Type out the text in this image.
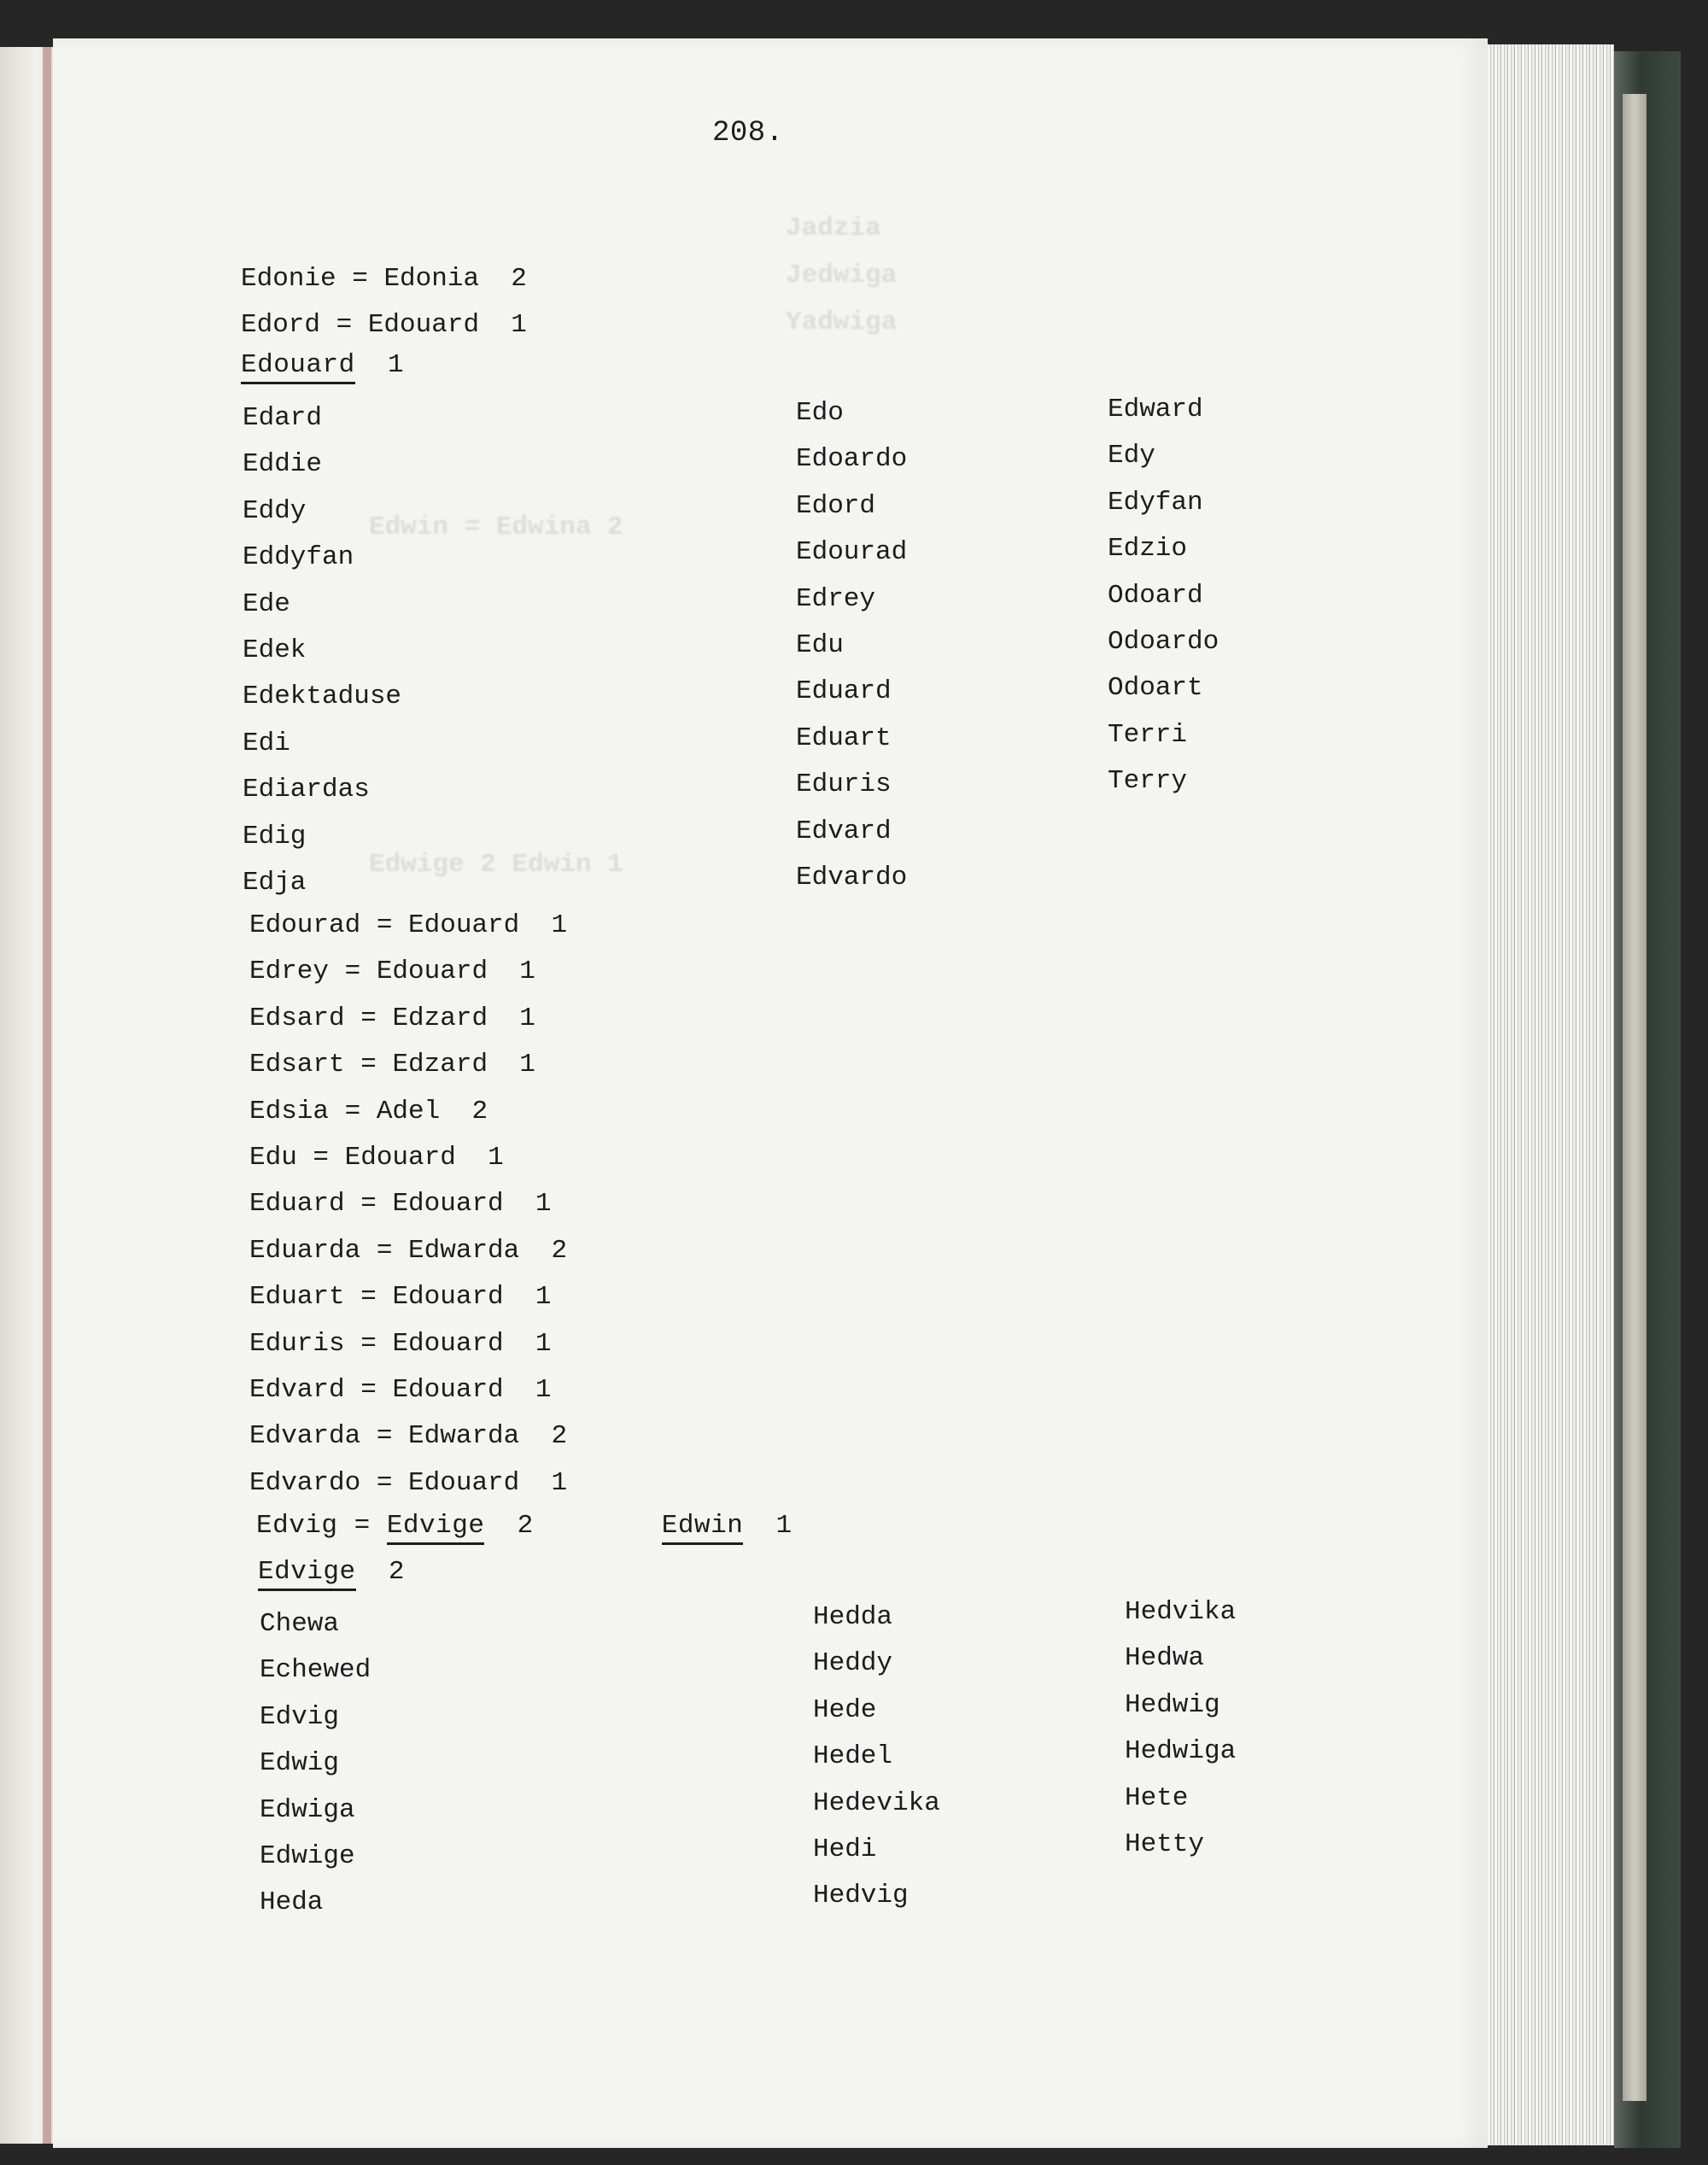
Jadzia
Jedwiga
Yadwiga
Edwin = Edwina 2
Edwige 2 Edwin 1
208.
Edonie = Edonia 2
Edord = Edouard 1
Edouard 1
Edard
Eddie
Eddy
Eddyfan
Ede
Edek
Edektaduse
Edi
Ediardas
Edig
Edja
Edo
Edoardo
Edord
Edourad
Edrey
Edu
Eduard
Eduart
Eduris
Edvard
Edvardo
Edward
Edy
Edyfan
Edzio
Odoard
Odoardo
Odoart
Terri
Terry
Edourad = Edouard 1
Edrey = Edouard 1
Edsard = Edzard 1
Edsart = Edzard 1
Edsia = Adel 2
Edu = Edouard 1
Eduard = Edouard 1
Eduarda = Edwarda 2
Eduart = Edouard 1
Eduris = Edouard 1
Edvard = Edouard 1
Edvarda = Edwarda 2
Edvardo = Edouard 1
Edvig = Edvige 2	Edwin 1
Edvige 2
Chewa
Echewed
Edvig
Edwig
Edwiga
Edwige
Heda
Hedda
Heddy
Hede
Hedel
Hedevika
Hedi
Hedvig
Hedvika
Hedwa
Hedwig
Hedwiga
Hete
Hetty
